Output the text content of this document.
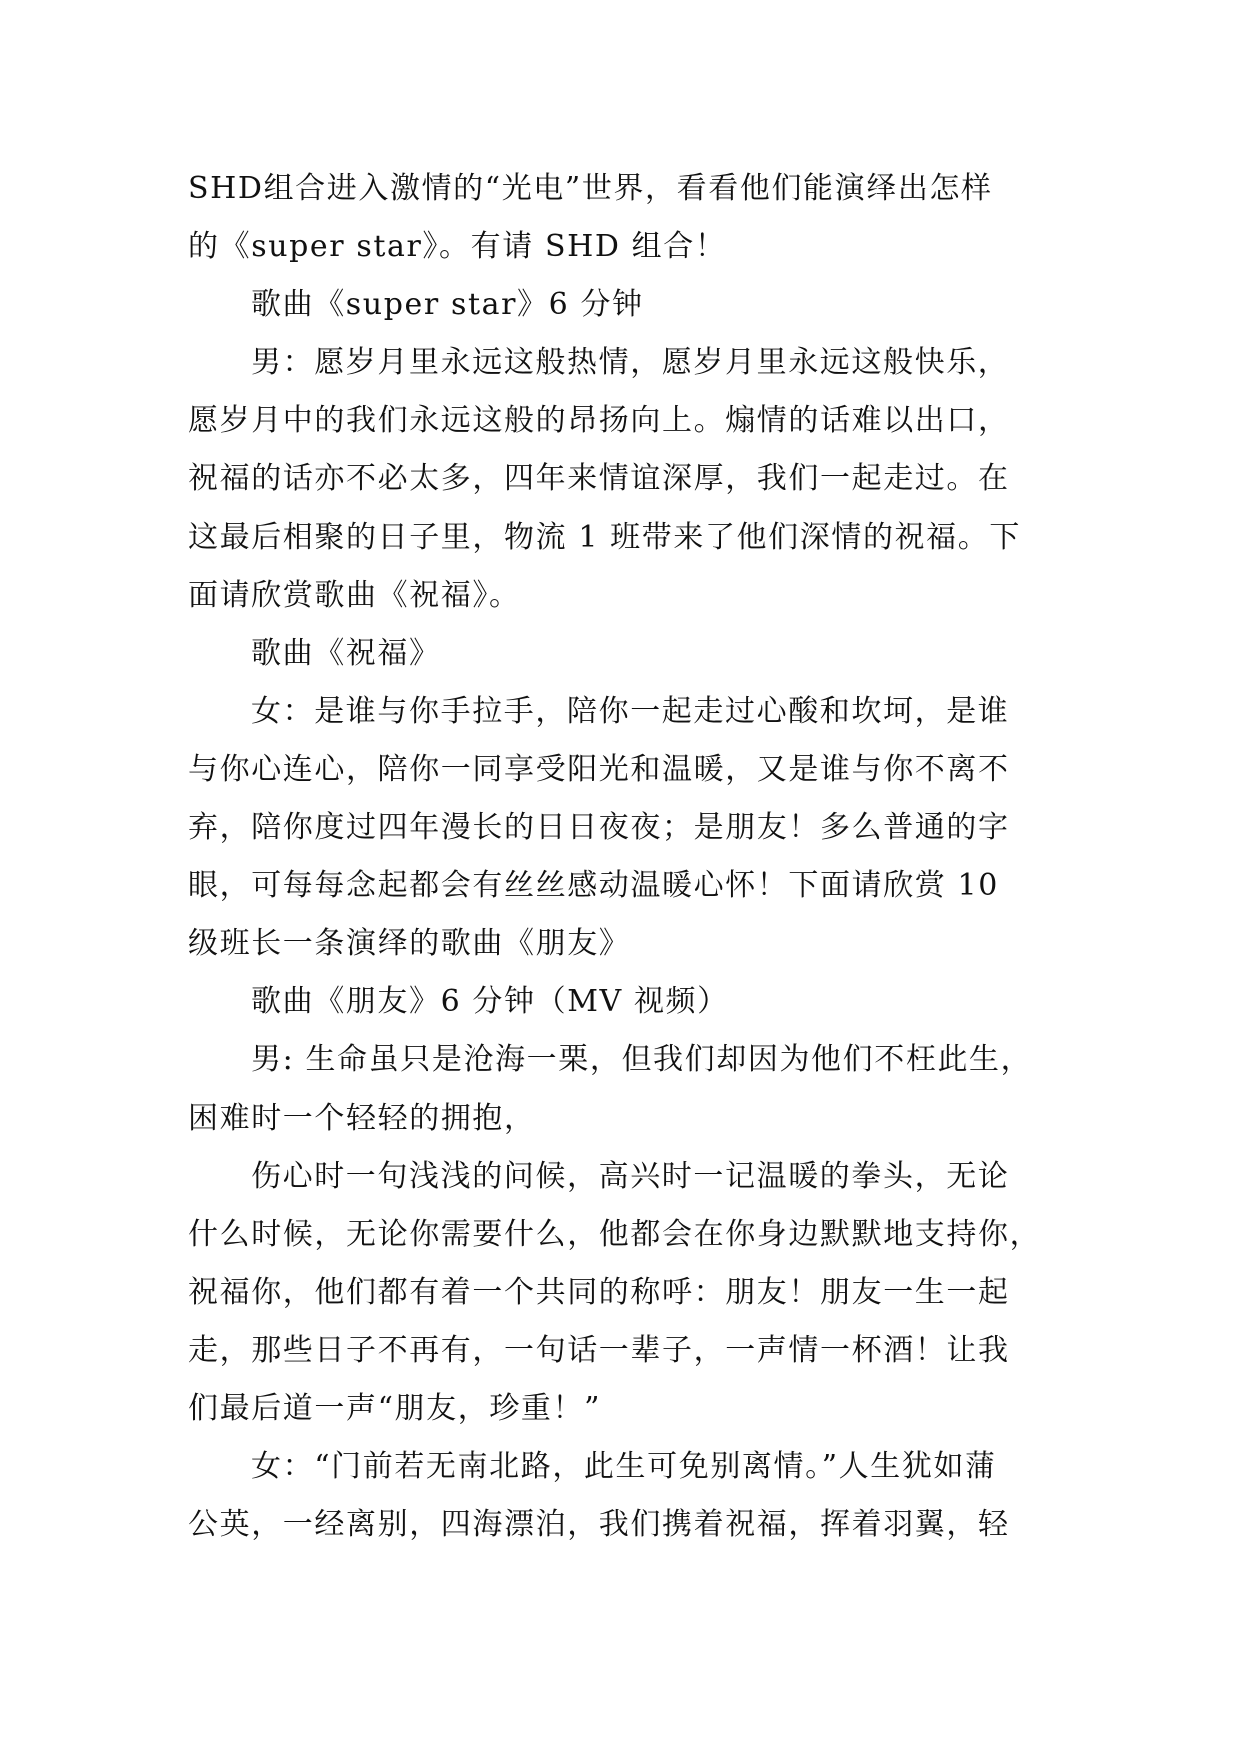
SHD组合进入激情的“光电”世界，看看他们能演绎出怎样
的《super star》。有请 SHD 组合！
歌曲《super star》6 分钟
男：愿岁月里永远这般热情，愿岁月里永远这般快乐，
愿岁月中的我们永远这般的昂扬向上。煽情的话难以出口，
祝福的话亦不必太多，四年来情谊深厚，我们一起走过。在
这最后相聚的日子里，物流 1 班带来了他们深情的祝福。下
面请欣赏歌曲《祝福》。
歌曲《祝福》
女：是谁与你手拉手，陪你一起走过心酸和坎坷，是谁
与你心连心，陪你一同享受阳光和温暖，又是谁与你不离不
弃，陪你度过四年漫长的日日夜夜；是朋友！多么普通的字
眼，可每每念起都会有丝丝感动温暖心怀！下面请欣赏 10
级班长一条演绎的歌曲《朋友》
歌曲《朋友》6 分钟（MV 视频）
男: 生命虽只是沧海一栗，但我们却因为他们不枉此生，
困难时一个轻轻的拥抱，
伤心时一句浅浅的问候，高兴时一记温暖的拳头，无论
什么时候，无论你需要什么，他都会在你身边默默地支持你，
祝福你，他们都有着一个共同的称呼：朋友！朋友一生一起
走，那些日子不再有，一句话一辈子，一声情一杯酒！让我
们最后道一声“朋友，珍重！”
女：“门前若无南北路，此生可免别离情。”人生犹如蒲
公英，一经离别，四海漂泊，我们携着祝福，挥着羽翼，轻
